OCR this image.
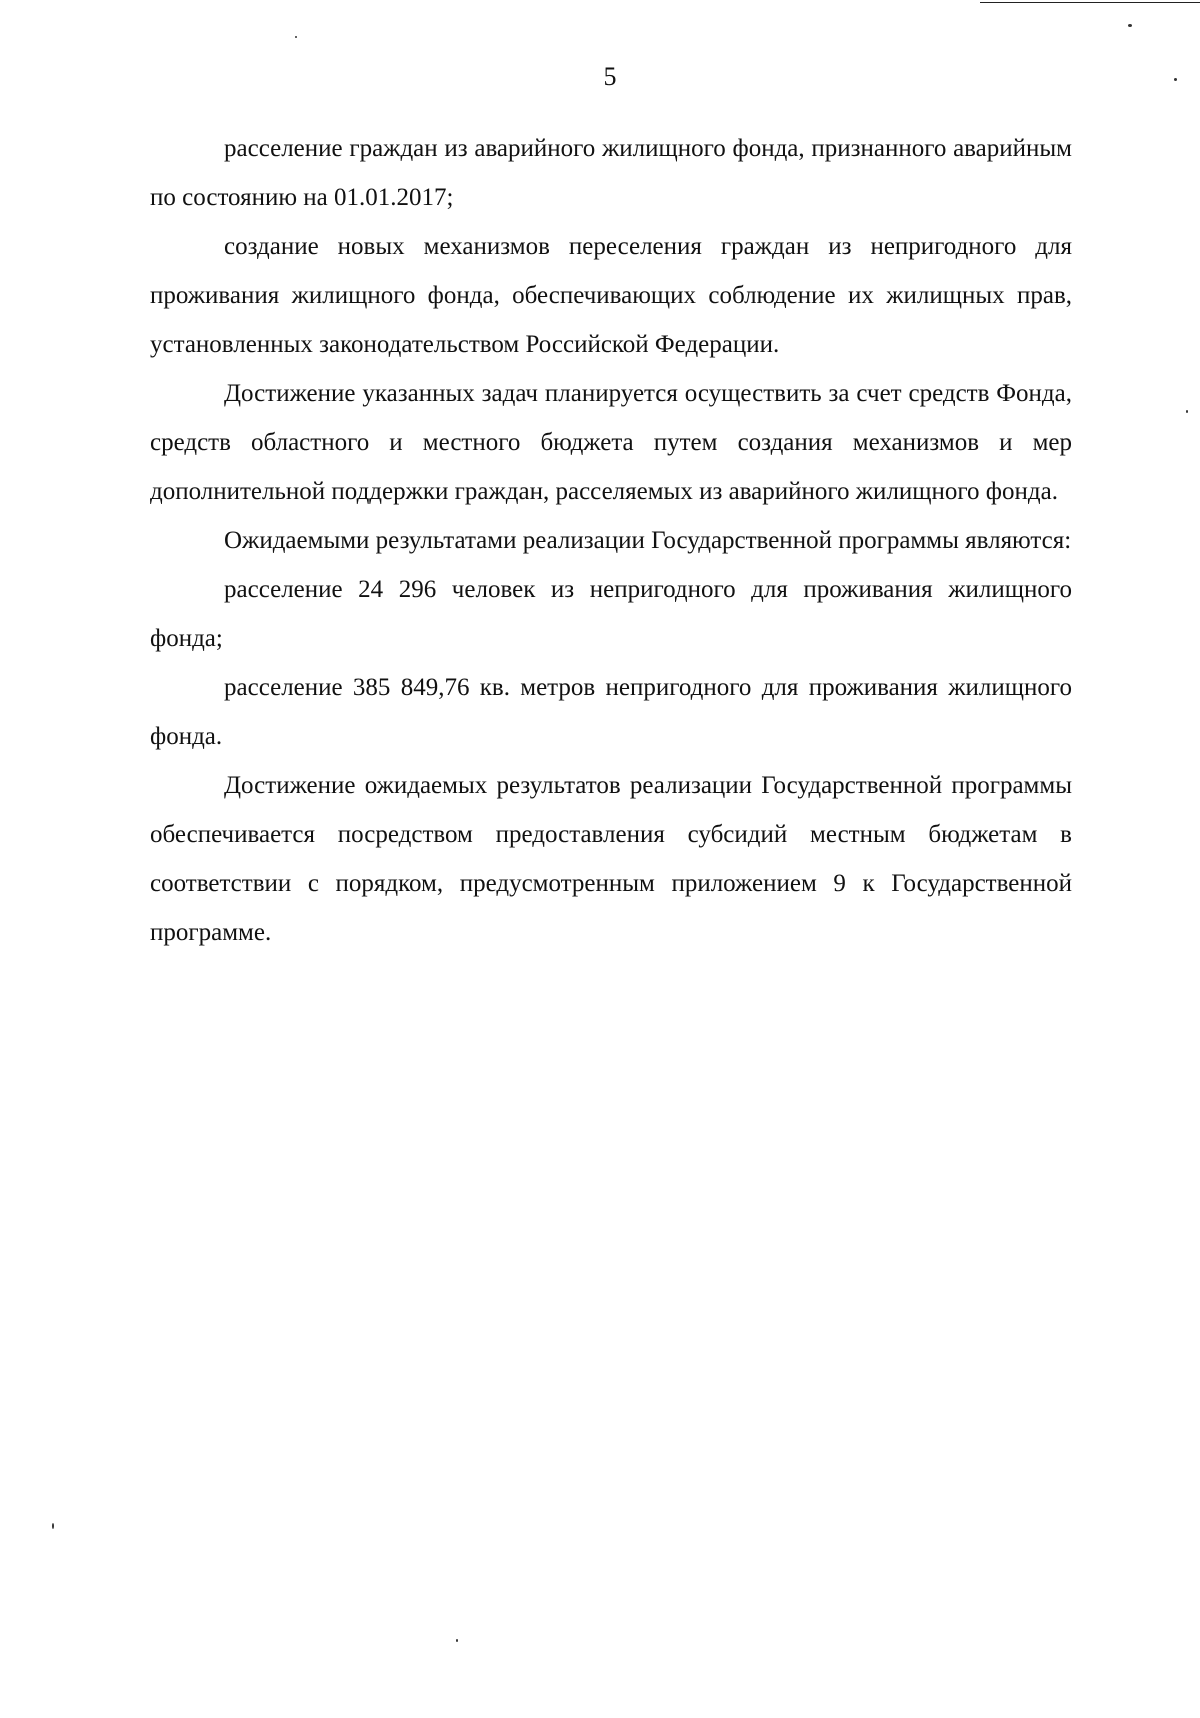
5

расселение граждан из аварийного жилищного фонда, признанного аварийным по состоянию на 01.01.2017;

создание новых механизмов переселения граждан из непригодного для проживания жилищного фонда, обеспечивающих соблюдение их жилищных прав, установленных законодательством Российской Федерации.

Достижение указанных задач планируется осуществить за счет средств Фонда, средств областного и местного бюджета путем создания механизмов и мер дополнительной поддержки граждан, расселяемых из аварийного жилищного фонда.

Ожидаемыми результатами реализации Государственной программы являются:

расселение 24 296 человек из непригодного для проживания жилищного фонда;

расселение 385 849,76 кв. метров непригодного для проживания жилищного фонда.

Достижение ожидаемых результатов реализации Государственной программы обеспечивается посредством предоставления субсидий местным бюджетам в соответствии с порядком, предусмотренным приложением 9 к Государственной программе.
